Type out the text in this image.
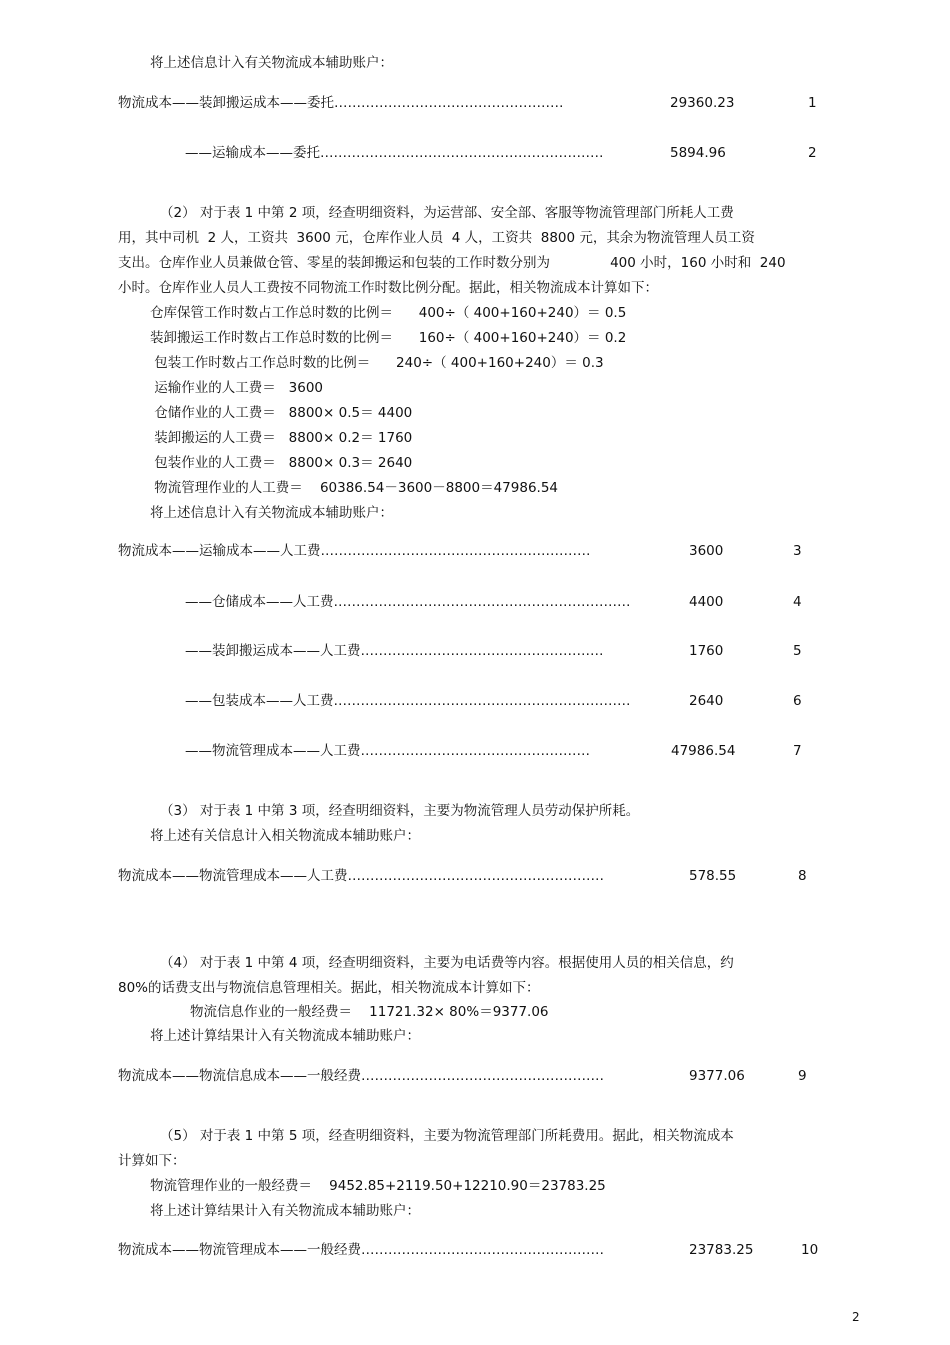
将上述信息计入有关物流成本辅助账户：
物流成本——装卸搬运成本——委托……………………………………………	29360.23	1
——运输成本——委托………………………………………………………	5894.96	2
（2） 对于表 1 中第 2 项，经查明细资料，为运营部、安全部、客服等物流管理部门所耗人工费
用，其中司机  2 人，工资共  3600 元，仓库作业人员  4 人，工资共  8800 元，其余为物流管理人员工资
支出。仓库作业人员兼做仓管、零星的装卸搬运和包装的工作时数分别为              400 小时，160 小时和  240
小时。仓库作业人员人工费按不同物流工作时数比例分配。据此，相关物流成本计算如下：
仓库保管工作时数占工作总时数的比例＝      400÷（ 400+160+240）＝ 0.5
装卸搬运工作时数占工作总时数的比例＝      160÷（ 400+160+240）＝ 0.2
包装工作时数占工作总时数的比例＝      240÷（ 400+160+240）＝ 0.3
运输作业的人工费＝   3600
仓储作业的人工费＝   8800× 0.5＝ 4400
装卸搬运的人工费＝   8800× 0.2＝ 1760
包装作业的人工费＝   8800× 0.3＝ 2640
物流管理作业的人工费＝    60386.54－3600－8800＝47986.54
将上述信息计入有关物流成本辅助账户：
物流成本——运输成本——人工费……………………………………………………	3600	3
——仓储成本——人工费…………………………………………………………	4400	4
——装卸搬运成本——人工费………………………………………………	1760	5
——包装成本——人工费…………………………………………………………	2640	6
——物流管理成本——人工费……………………………………………	47986.54	7
（3） 对于表 1 中第 3 项，经查明细资料，主要为物流管理人员劳动保护所耗。
将上述有关信息计入相关物流成本辅助账户：
物流成本——物流管理成本——人工费…………………………………………………	578.55	8
（4） 对于表 1 中第 4 项，经查明细资料，主要为电话费等内容。根据使用人员的相关信息，约
80%的话费支出与物流信息管理相关。据此，相关物流成本计算如下：
物流信息作业的一般经费＝    11721.32× 80%＝9377.06
将上述计算结果计入有关物流成本辅助账户：
物流成本——物流信息成本——一般经费………………………………………………	9377.06	9
（5） 对于表 1 中第 5 项，经查明细资料，主要为物流管理部门所耗费用。据此，相关物流成本
计算如下：
物流管理作业的一般经费＝    9452.85+2119.50+12210.90＝23783.25
将上述计算结果计入有关物流成本辅助账户：
物流成本——物流管理成本——一般经费………………………………………………	23783.25	10
2
